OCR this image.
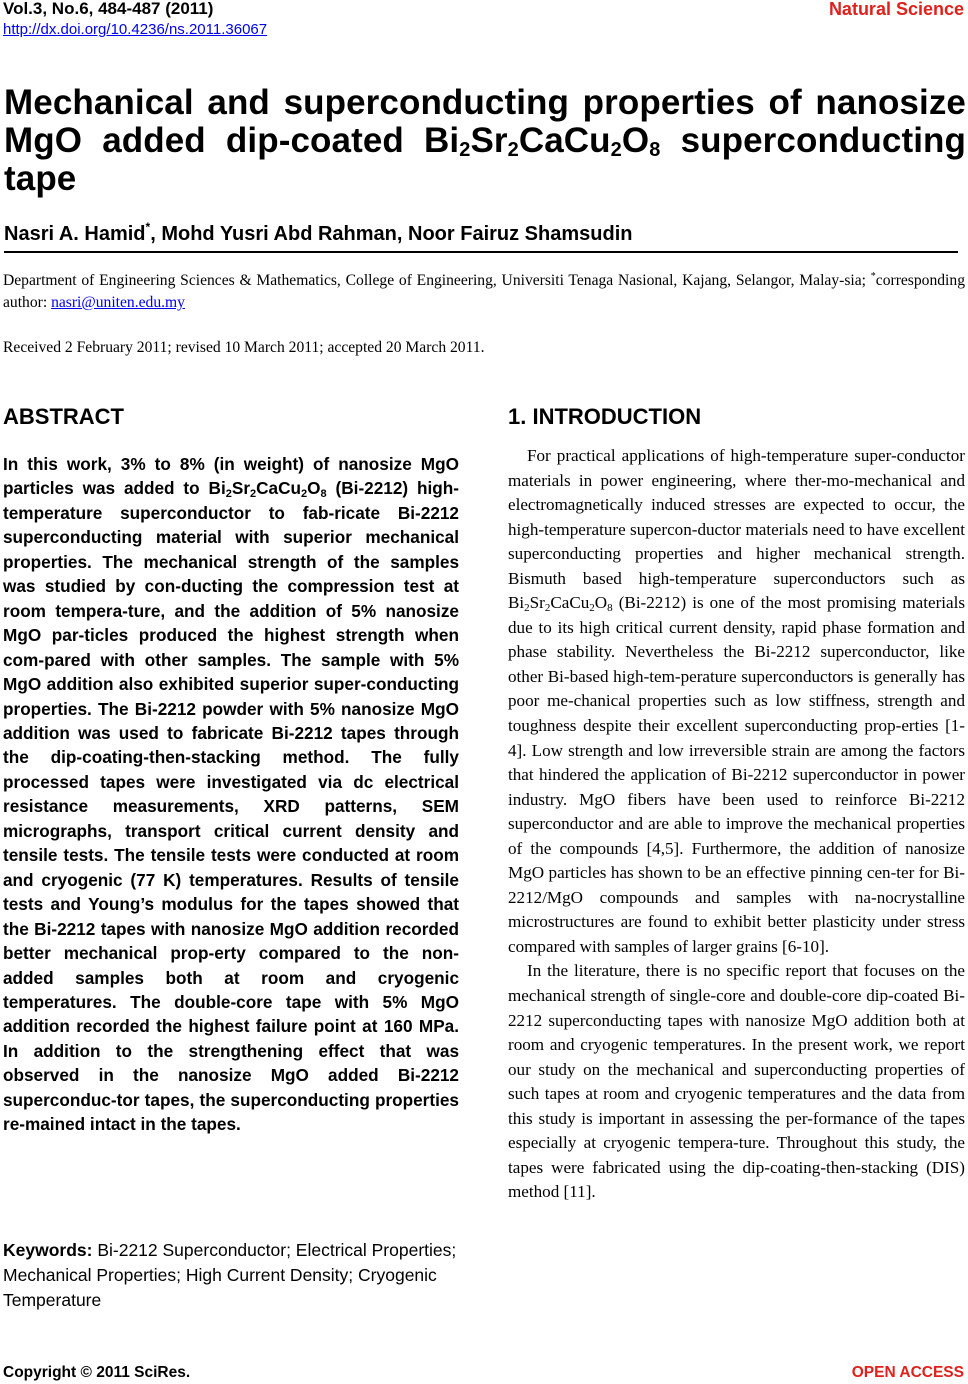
Vol.3, No.6, 484-487 (2011)
http://dx.doi.org/10.4236/ns.2011.36067
Natural Science
Mechanical and superconducting properties of nanosize MgO added dip-coated $Bi_2Sr_2CaCu_2O_8$ superconducting tape
Nasri A. Hamid*, Mohd Yusri Abd Rahman, Noor Fairuz Shamsudin
Department of Engineering Sciences & Mathematics, College of Engineering, Universiti Tenaga Nasional, Kajang, Selangor, Malay-sia; *corresponding author: nasri@uniten.edu.my
Received 2 February 2011; revised 10 March 2011; accepted 20 March 2011.
ABSTRACT
In this work, 3% to 8% (in weight) of nanosize MgO particles was added to $Bi_2Sr_2CaCu_2O_8$ (Bi-2212) high-temperature superconductor to fab-ricate Bi-2212 superconducting material with superior mechanical properties. The mechanical strength of the samples was studied by con-ducting the compression test at room tempera-ture, and the addition of 5% nanosize MgO par-ticles produced the highest strength when com-pared with other samples. The sample with 5% MgO addition also exhibited superior super-conducting properties. The Bi-2212 powder with 5% nanosize MgO addition was used to fabricate Bi-2212 tapes through the dip-coating-then-stacking method. The fully processed tapes were investigated via dc electrical resistance measurements, XRD patterns, SEM micrographs, transport critical current density and tensile tests. The tensile tests were conducted at room and cryogenic (77 K) temperatures. Results of tensile tests and Young’s modulus for the tapes showed that the Bi-2212 tapes with nanosize MgO addition recorded better mechanical prop-erty compared to the non-added samples both at room and cryogenic temperatures. The double-core tape with 5% MgO addition recorded the highest failure point at 160 MPa. In addition to the strengthening effect that was observed in the nanosize MgO added Bi-2212 superconduc-tor tapes, the superconducting properties re-mained intact in the tapes.
Keywords: Bi-2212 Superconductor; Electrical Properties; Mechanical Properties; High Current Density; Cryogenic Temperature
1. INTRODUCTION

For practical applications of high-temperature super-conductor materials in power engineering, where ther-mo-mechanical and electromagnetically induced stresses are expected to occur, the high-temperature supercon-ductor materials need to have excellent superconducting properties and higher mechanical strength. Bismuth based high-temperature superconductors such as $Bi_2Sr_2CaCu_2O_8$ (Bi-2212) is one of the most promising materials due to its high critical current density, rapid phase formation and phase stability. Nevertheless the Bi-2212 superconductor, like other Bi-based high-tem-perature superconductors is generally has poor me-chanical properties such as low stiffness, strength and toughness despite their excellent superconducting prop-erties [1-4]. Low strength and low irreversible strain are among the factors that hindered the application of Bi-2212 superconductor in power industry. MgO fibers have been used to reinforce Bi-2212 superconductor and are able to improve the mechanical properties of the compounds [4,5]. Furthermore, the addition of nanosize MgO particles has shown to be an effective pinning cen-ter for Bi-2212/MgO compounds and samples with na-nocrystalline microstructures are found to exhibit better plasticity under stress compared with samples of larger grains [6-10].

In the literature, there is no specific report that focuses on the mechanical strength of single-core and double-core dip-coated Bi-2212 superconducting tapes with nanosize MgO addition both at room and cryogenic temperatures. In the present work, we report our study on the mechanical and superconducting properties of such tapes at room and cryogenic temperatures and the data from this study is important in assessing the per-formance of the tapes especially at cryogenic tempera-ture. Throughout this study, the tapes were fabricated using the dip-coating-then-stacking (DIS) method [11].

Copyright © 2011 SciRes.	OPEN ACCESS
